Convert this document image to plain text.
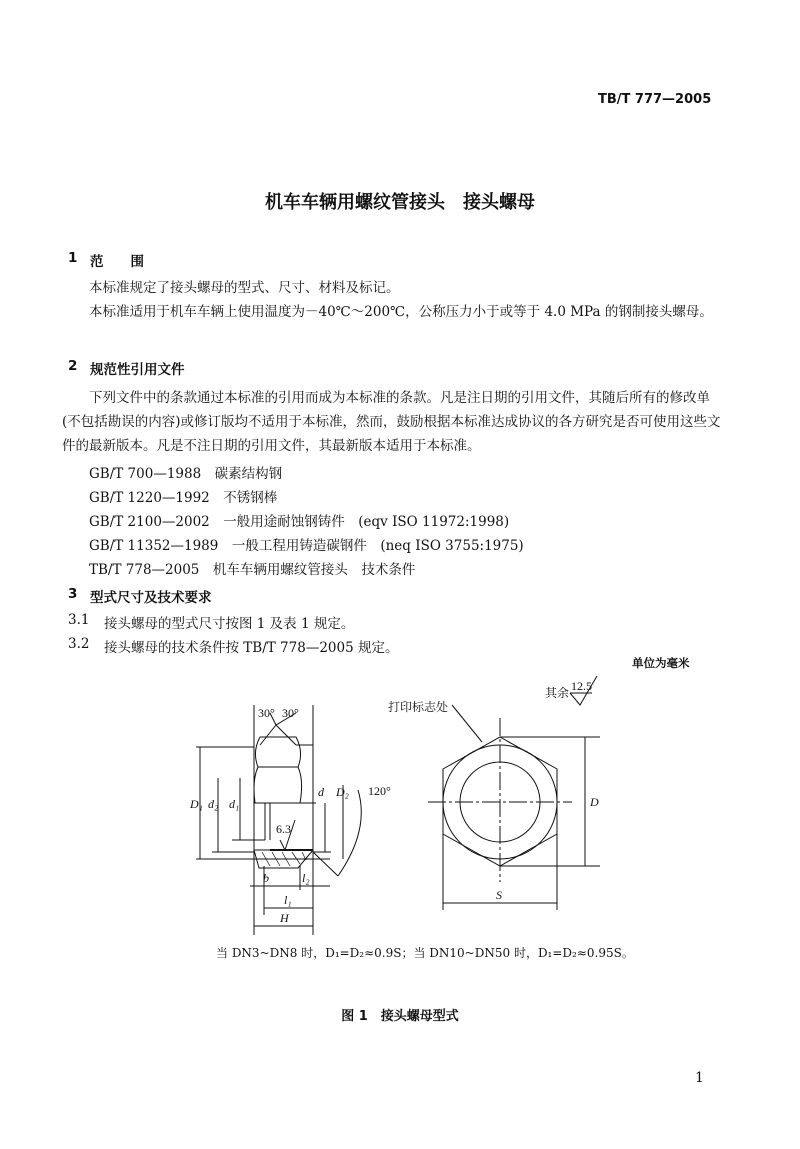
TB/T 777—2005
机车车辆用螺纹管接头　接头螺母
1 范　　围
本标准规定了接头螺母的型式、尺寸、材料及标记。
本标准适用于机车车辆上使用温度为－40℃～200℃，公称压力小于或等于 4.0 MPa 的钢制接头螺母。
2 规范性引用文件
下列文件中的条款通过本标准的引用而成为本标准的条款。凡是注日期的引用文件，其随后所有的修改单(不包括勘误的内容)或修订版均不适用于本标准，然而，鼓励根据本标准达成协议的各方研究是否可使用这些文件的最新版本。凡是不注日期的引用文件，其最新版本适用于本标准。
GB/T 700—1988　碳素结构钢
GB/T 1220—1992　不锈钢棒
GB/T 2100—2002　一般用途耐蚀钢铸件　(eqv ISO 11972:1998)
GB/T 11352—1989　一般工程用铸造碳钢件　(neq ISO 3755:1975)
TB/T 778—2005　机车车辆用螺纹管接头　技术条件
3 型式尺寸及技术要求
3.1 接头螺母的型式尺寸按图 1 及表 1 规定。
3.2 接头螺母的技术条件按 TB/T 778—2005 规定。
单位为毫米
其余 12.5
30° 30°
120°
6.3
D₁ d₂ d₁
d D₂
b	l₂
l₁
H
打印标志处
D
S
当 DN3~DN8 时，D₁=D₂≈0.9S；当 DN10~DN50 时，D₁=D₂≈0.95S。
图 1　接头螺母型式
1
